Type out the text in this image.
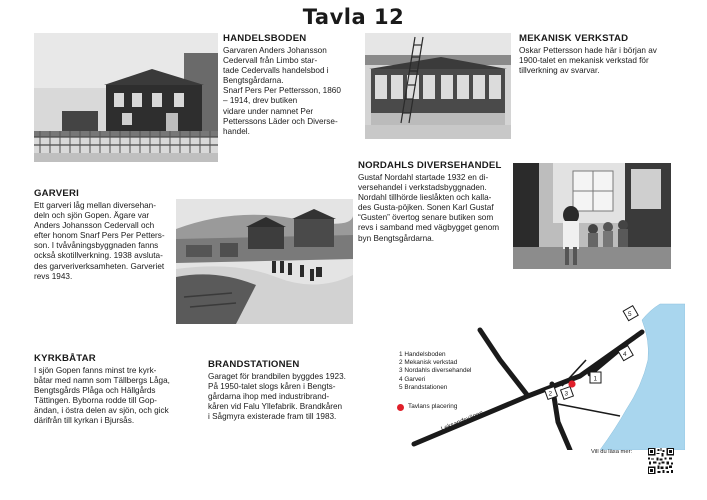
Tavla 12
HANDELSBODEN

Garvaren Anders Johansson
Cedervall från Limbo star-
tade Cedervalls handelsbod i
Bengtsgårdarna.
Snarf Pers Per Pettersson, 1860
– 1914, drev butiken
vidare under namnet Per
Petterssons Läder och Diverse-
handel.

MEKANISK VERKSTAD

Oskar Pettersson hade här i början av
1900-talet en mekanisk verkstad för
tillverkning av svarvar.

NORDAHLS DIVERSEHANDEL

Gustaf Nordahl startade 1932 en di-
versehandel i verkstadsbyggnaden.
Nordahl tillhörde lieslåkten och kalla-
des Gusta-pöjken. Sonen Karl Gustaf
“Gusten” övertog senare butiken som
revs i samband med vägbygget genom
byn Bengtsgårdarna.

GARVERI

Ett garveri låg mellan diversehan-
deln och sjön Gopen. Ägare var
Anders Johansson Cedervall och
efter honom Snarf Pers Per Petters-
son. I tvåvåningsbyggnaden fanns
också skotillverkning. 1938 avsluta-
des garveriverksamheten. Garveriet
revs 1943.

KYRKBÅTAR

I sjön Gopen fanns minst tre kyrk-
båtar med namn som Tällbergs Låga,
Bengtsgårds Plåga och Hällgårds
Tättingen. Byborna rodde till Gop-
ändan, i östra delen av sjön, och gick
därifrån till kyrkan i Bjursås.

BRANDSTATIONEN

Garaget för brandbilen byggdes 1923.
På 1950-talet slogs kåren i Bengts-
gårdarna ihop med industribrand-
kåren vid Falu Yllefabrik. Brandkåren
i Sågmyra existerade fram till 1983.

1
2 3
4
5
Leksandsvägen
1 Handelsboden
2 Mekanisk verkstad
3 Nordahls diversehandel
4 Garveri
5 Brandstationen
Tavlans placering
Vill du läsa mer:
